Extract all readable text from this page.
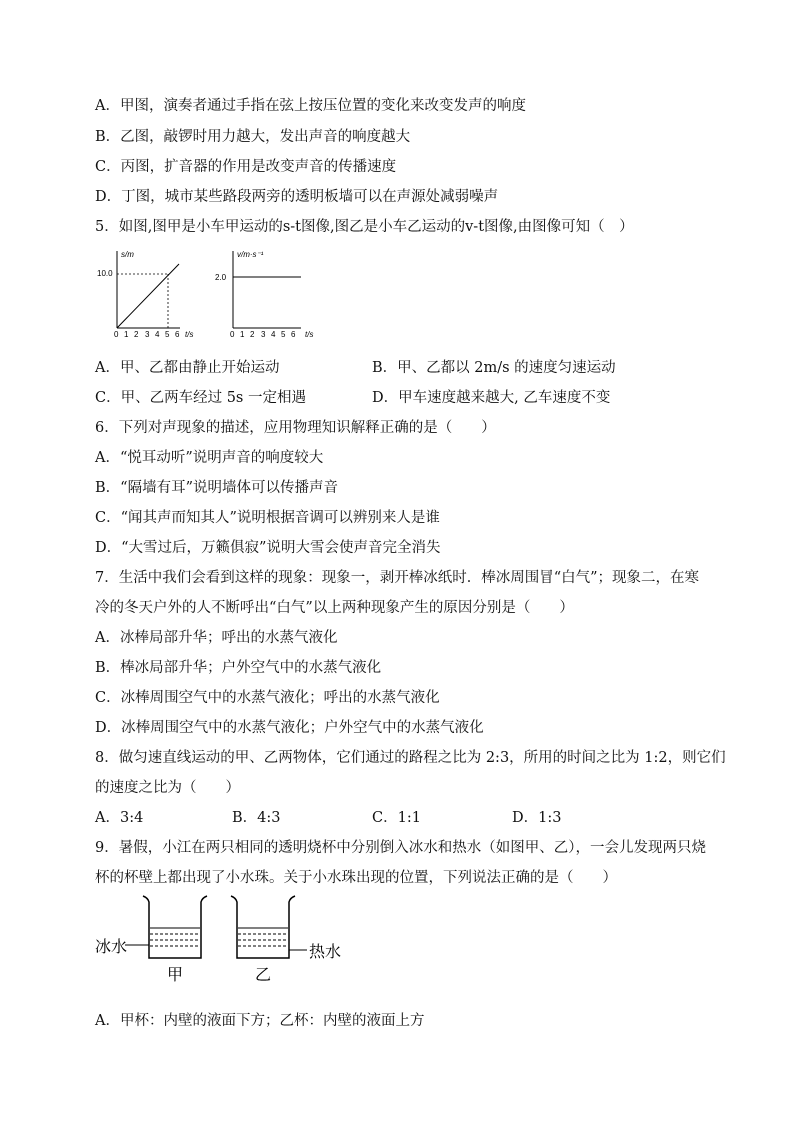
A．甲图，演奏者通过手指在弦上按压位置的变化来改变发声的响度
B．乙图，敲锣时用力越大，发出声音的响度越大
C．丙图，扩音器的作用是改变声音的传播速度
D．丁图，城市某些路段两旁的透明板墙可以在声源处减弱噪声
5．如图,图甲是小车甲运动的s-t图像,图乙是小车乙运动的v-t图像,由图像可知（　）
s/m
10.0
0 1 2 3 4 5 6 t/s
v/m·s⁻¹
2.0
0 1 2 3 4 5 6 t/s
A．甲、乙都由静止开始运动	B．甲、乙都以 2m/s 的速度匀速运动
C．甲、乙两车经过 5s 一定相遇	D．甲车速度越来越大, 乙车速度不变
6．下列对声现象的描述，应用物理知识解释正确的是（　　）
A．“悦耳动听”说明声音的响度较大
B．“隔墙有耳”说明墙体可以传播声音
C．“闻其声而知其人”说明根据音调可以辨别来人是谁
D．“大雪过后，万籁俱寂”说明大雪会使声音完全消失
7．生活中我们会看到这样的现象：现象一，剥开棒冰纸时．棒冰周围冒“白气”；现象二，在寒
冷的冬天户外的人不断呼出“白气”以上两种现象产生的原因分别是（　　）
A．冰棒局部升华；呼出的水蒸气液化
B．棒冰局部升华；户外空气中的水蒸气液化
C．冰棒周围空气中的水蒸气液化；呼出的水蒸气液化
D．冰棒周围空气中的水蒸气液化；户外空气中的水蒸气液化
8．做匀速直线运动的甲、乙两物体，它们通过的路程之比为 2:3，所用的时间之比为 1:2，则它们
的速度之比为（　　）
A．3:4	B．4:3	C．1:1	D．1:3
9．暑假，小江在两只相同的透明烧杯中分别倒入冰水和热水（如图甲、乙），一会儿发现两只烧
杯的杯壁上都出现了小水珠。关于小水珠出现的位置，下列说法正确的是（　　）
冰水	热水
甲	乙
A．甲杯：内壁的液面下方；乙杯：内壁的液面上方
